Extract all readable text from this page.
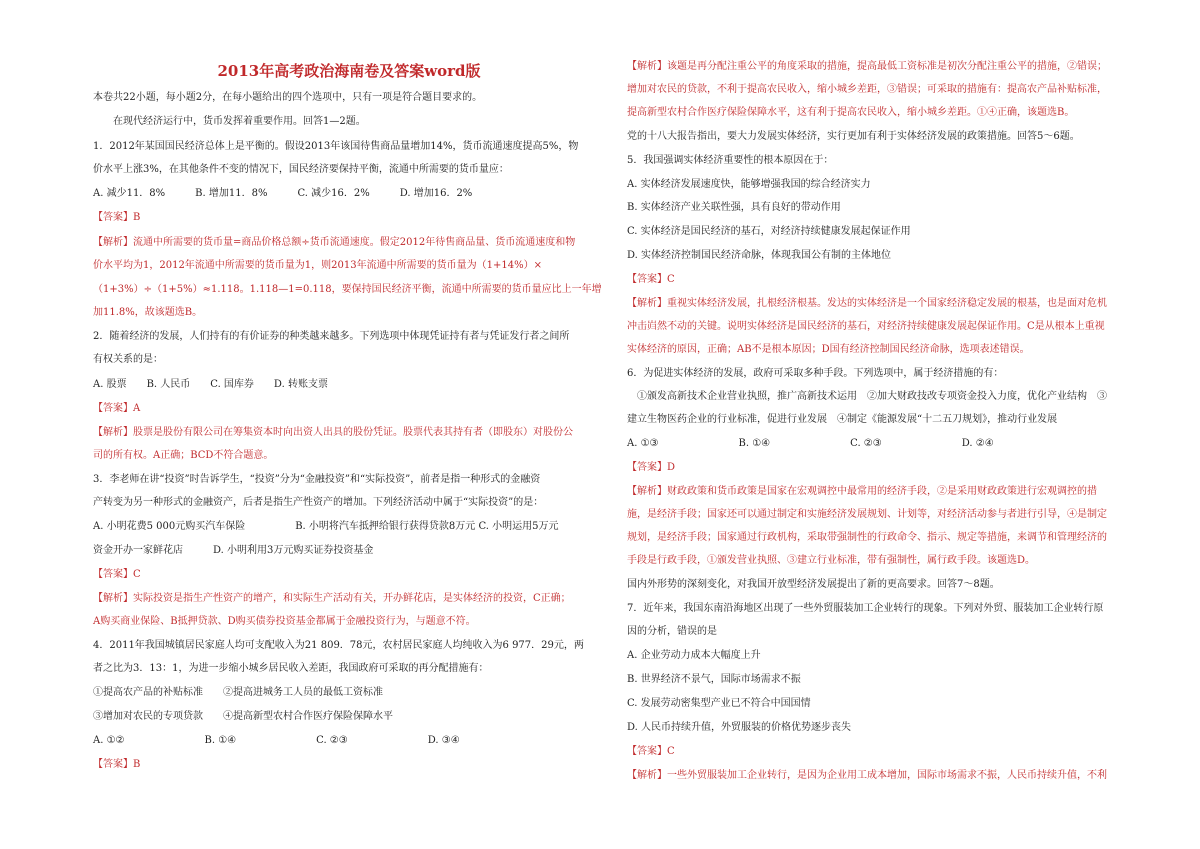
2013年高考政治海南卷及答案word版
本卷共22小题，每小题2分，在每小题给出的四个选项中，只有一项是符合题目要求的。
　　在现代经济运行中，货币发挥着重要作用。回答1—2题。
1．2012年某国国民经济总体上是平衡的。假设2013年该国待售商品量增加14%，货币流通速度提高5%，物
价水平上涨3%，在其他条件不变的情况下，国民经济要保持平衡，流通中所需要的货币量应：
A. 减少11．8%　　　B. 增加11．8%　　　C. 减少16．2%　　　D. 增加16．2%
【答案】B
【解析】流通中所需要的货币量=商品价格总额÷货币流通速度。假定2012年待售商品量、货币流通速度和物
价水平均为1，2012年流通中所需要的货币量为1，则2013年流通中所需要的货币量为（1+14%）×
（1+3%）÷（1+5%）≈1.118。1.118—1=0.118，要保持国民经济平衡，流通中所需要的货币量应比上一年增
加11.8%，故该题选B。
2．随着经济的发展，人们持有的有价证券的种类越来越多。下列选项中体现凭证持有者与凭证发行者之间所
有权关系的是：
A. 股票　　B. 人民币　　C. 国库券　　D. 转账支票
【答案】A
【解析】股票是股份有限公司在筹集资本时向出资人出具的股份凭证。股票代表其持有者（即股东）对股份公
司的所有权。A正确；BCD不符合题意。
3．李老师在讲“投资”时告诉学生，“投资”分为“金融投资”和“实际投资”，前者是指一种形式的金融资
产转变为另一种形式的金融资产，后者是指生产性资产的增加。下列经济活动中属于“实际投资”的是：
A. 小明花费5 000元购买汽车保险　　　　　B. 小明将汽车抵押给银行获得贷款8万元 C. 小明运用5万元
资金开办一家鲜花店　　　D. 小明利用3万元购买证券投资基金
【答案】C
【解析】实际投资是指生产性资产的增产，和实际生产活动有关，开办鲜花店，是实体经济的投资，C正确；
A购买商业保险、B抵押贷款、D购买债券投资基金都属于金融投资行为，与题意不符。
4．2011年我国城镇居民家庭人均可支配收入为21 809．78元，农村居民家庭人均纯收入为6 977．29元，两
者之比为3．13：1，为进一步缩小城乡居民收入差距，我国政府可采取的再分配措施有：
①提高农产品的补贴标准　　②提高进城务工人员的最低工资标准
③增加对农民的专项贷款　　④提高新型农村合作医疗保险保障水平
A. ①②　　　　　　　　B. ①④　　　　　　　　C. ②③　　　　　　　　D. ③④
【答案】B
【解析】该题是再分配注重公平的角度采取的措施，提高最低工资标准是初次分配注重公平的措施，②错误；
增加对农民的贷款，不利于提高农民收入，缩小城乡差距，③错误；可采取的措施有：提高农产品补贴标准，
提高新型农村合作医疗保险保障水平，这有利于提高农民收入，缩小城乡差距。①④正确，该题选B。
党的十八大报告指出，要大力发展实体经济，实行更加有利于实体经济发展的政策措施。回答5～6题。
5．我国强调实体经济重要性的根本原因在于：
A. 实体经济发展速度快，能够增强我国的综合经济实力
B. 实体经济产业关联性强，具有良好的带动作用
C. 实体经济是国民经济的基石，对经济持续健康发展起保证作用
D. 实体经济控制国民经济命脉，体现我国公有制的主体地位
【答案】C
【解析】重视实体经济发展，扎根经济根基。发达的实体经济是一个国家经济稳定发展的根基，也是面对危机
冲击岿然不动的关键。说明实体经济是国民经济的基石，对经济持续健康发展起保证作用。C是从根本上重视
实体经济的原因，正确；AB不是根本原因；D国有经济控制国民经济命脉，选项表述错误。
6．为促进实体经济的发展，政府可采取多种手段。下列选项中，属于经济措施的有：
　①颁发高新技术企业营业执照，推广高新技术运用　②加大财政技改专项资金投入力度，优化产业结构　③
建立生物医药企业的行业标准，促进行业发展　④制定《能源发展“十二五刀规划》，推动行业发展
A. ①③　　　　　　　　B. ①④　　　　　　　　C. ②③　　　　　　　　D. ②④
【答案】D
【解析】财政政策和货币政策是国家在宏观调控中最常用的经济手段，②是采用财政政策进行宏观调控的措
施，是经济手段；国家还可以通过制定和实施经济发展规划、计划等，对经济活动参与者进行引导，④是制定
规划，是经济手段；国家通过行政机构，采取带强制性的行政命令、指示、规定等措施，来调节和管理经济的
手段是行政手段，①颁发营业执照、③建立行业标准，带有强制性，属行政手段。该题选D。
国内外形势的深刻变化，对我国开放型经济发展提出了新的更高要求。回答7～8题。
7．近年来，我国东南沿海地区出现了一些外贸服装加工企业转行的现象。下列对外贸、服装加工企业转行原
因的分析，错误的是
A. 企业劳动力成本大幅度上升
B. 世界经济不景气，国际市场需求不振
C. 发展劳动密集型产业已不符合中国国情
D. 人民币持续升值，外贸服装的价格优势逐步丧失
【答案】C
【解析】一些外贸服装加工企业转行，是因为企业用工成本增加，国际市场需求不振，人民币持续升值，不利
